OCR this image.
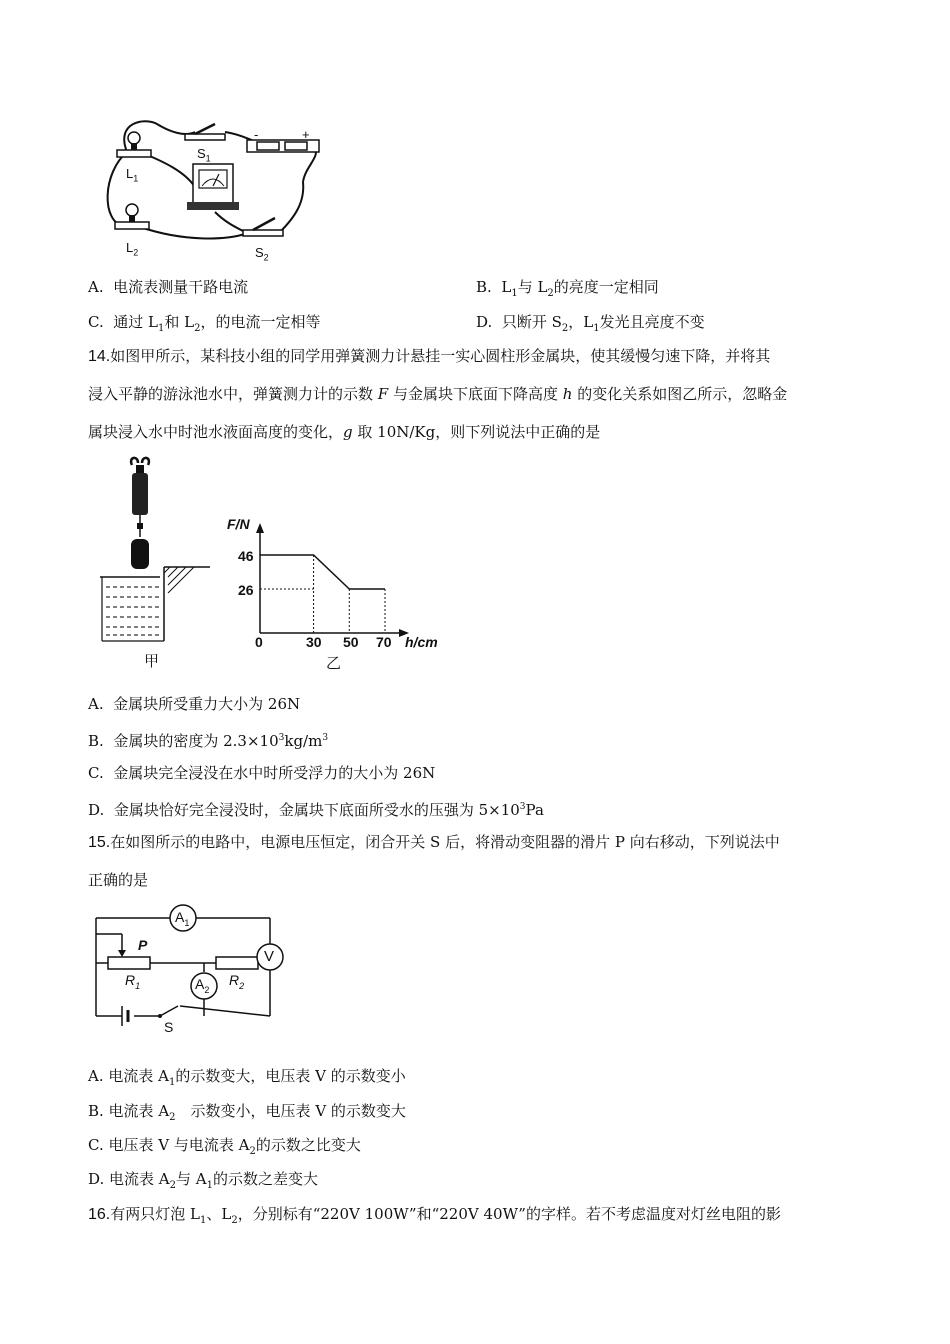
$L_1$
$S_1$
-	+
$L_2$	$S_2$
A. 电流表测量干路电流	B. $L_1$与 $L_2$的亮度一定相同
C. 通过 $L_1$和 $L_2$，的电流一定相等	D. 只断开 $S_2$，$L_1$发光且亮度不变
14.如图甲所示，某科技小组的同学用弹簧测力计悬挂一实心圆柱形金属块，使其缓慢匀速下降，并将其
浸入平静的游泳池水中，弹簧测力计的示数 F 与金属块下底面下降高度 h 的变化关系如图乙所示，忽略金
属块浸入水中时池水液面高度的变化，g 取 10N/Kg，则下列说法中正确的是
甲
F/N
46
26
0	30 50 70 h/cm
乙
A. 金属块所受重力大小为 26N
B. 金属块的密度为 $2.3\times 10^3kg/m^3$
C. 金属块完全浸没在水中时所受浮力的大小为 26N
D. 金属块恰好完全浸没时，金属块下底面所受水的压强为 $5\times 10^3Pa$
15.在如图所示的电路中，电源电压恒定，闭合开关 S 后，将滑动变阻器的滑片 P 向右移动，下列说法中
正确的是
$A_1$
P
$R_1$	$R_2$
$A_2$
V
S
A. 电流表 $A_1$的示数变大，电压表 V 的示数变小
B. 电流表 $A_2$　示数变小，电压表 V 的示数变大
C. 电压表 V 与电流表 $A_2$的示数之比变大
D. 电流表 $A_2$与 $A_1$的示数之差变大
16.有两只灯泡 $L_1$、$L_2$，分别标有“220V 100W”和“220V 40W”的字样。若不考虑温度对灯丝电阻的影
